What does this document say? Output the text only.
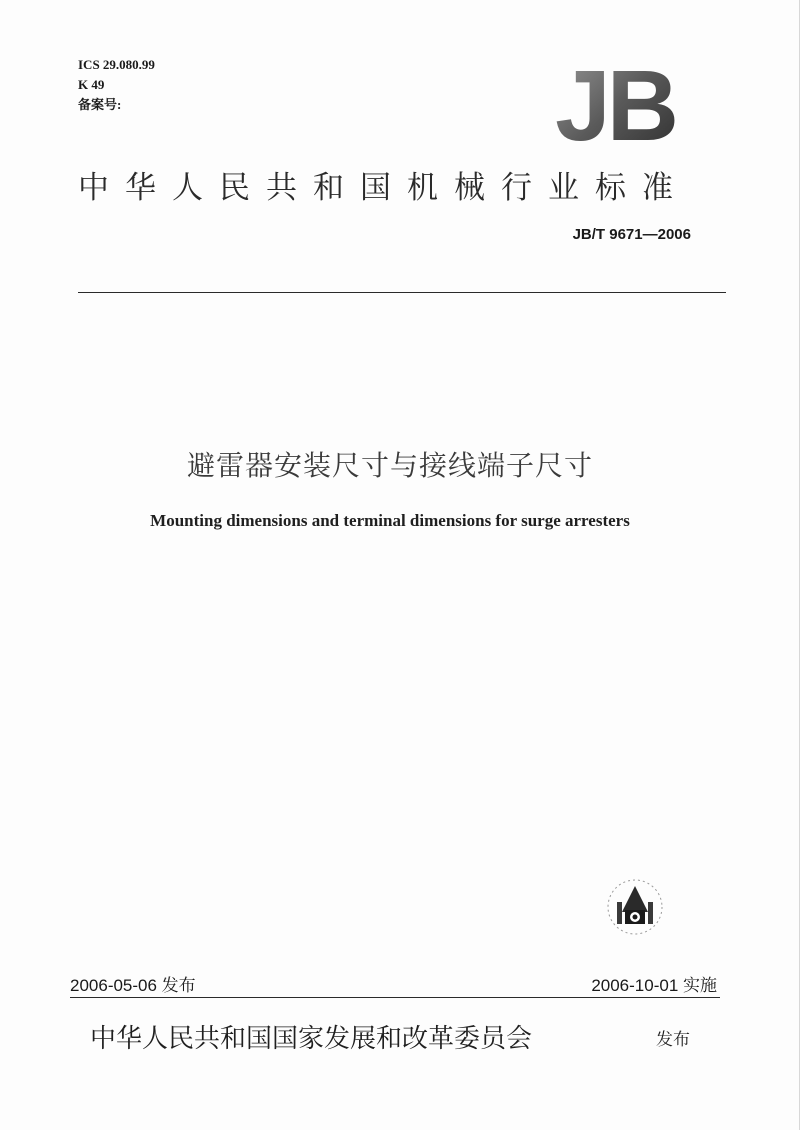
ICS 29.080.99
K 49
备案号:	JB
中华人民共和国机械行业标准
JB/T 9671—2006
避雷器安装尺寸与接线端子尺寸
Mounting dimensions and terminal dimensions for surge arresters
2006-05-06 发布	2006-10-01 实施
中华人民共和国国家发展和改革委员会	发布
